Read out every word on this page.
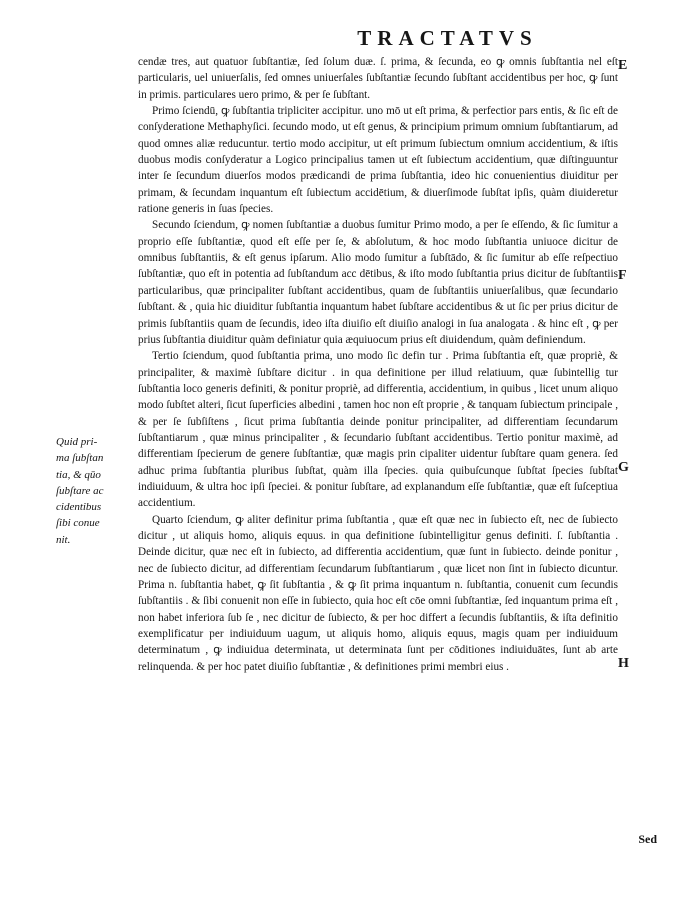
TRACTATVS
E
F
G
H
Quid pri-
ma ſubſtan
tia, & qūo
ſubſtare ac
cidentibus
ſibi conue
nit.

cendæ tres, aut quatuor ſubſtantiæ, ſed ſolum duæ. ſ. prima, & ſecunda, eo ꝙ omnis ſubſtantia nel eſt particularis, uel uniuerſalis, ſed omnes uniuerſales ſubſtantiæ ſecundo ſubſtant accidentibus per hoc, ꝙ ſunt in primis. particulares uero primo, & per ſe ſubſtant.

Primo ſciendū, ꝙ ſubſtantia tripliciter accipitur. uno mō ut eſt prima, & perfectior pars entis, & ſic eſt de conſyderatione Methaphyſici. ſecundo modo, ut eſt genus, & principium primum omnium ſubſtantiarum, ad quod omnes aliæ reducuntur. tertio modo accipitur, ut eſt primum ſubiectum omnium accidentium, & iſtis duobus modis conſyderatur a Logico principalius tamen ut eſt ſubiectum accidentium, quæ diſtinguuntur inter ſe ſecundum diuerſos modos prædicandi de prima ſubſtantia, ideo hic conuenientius diuiditur per primam, & ſecundam inquantum eſt ſubiectum accidētium, & diuerſimode ſubſtat ipſis, quàm diuideretur ratione generis in ſuas ſpecies.

Secundo ſciendum, ꝙ nomen ſubſtantiæ a duobus ſumitur Primo modo, a per ſe eſſendo, & ſic ſumitur a proprio eſſe ſubſtantiæ, quod eſt eſſe per ſe, & abſolutum, & hoc modo ſubſtantia uniuoce dicitur de omnibus ſubſtantiis, & eſt genus ipſarum. Alio modo ſumitur a ſubſtādo, & ſic ſumitur ab eſſe reſpectiuo ſubſtantiæ, quo eſt in potentia ad ſubſtandum acc dētibus, & iſto modo ſubſtantia prius dicitur de ſubſtantiis particularibus, quæ principaliter ſubſtant accidentibus, quam de ſubſtantiis uniuerſalibus, quæ ſecundario ſubſtant. & , quia hic diuiditur ſubſtantia inquantum habet ſubſtare accidentibus & ut ſic per prius dicitur de primis ſubſtantiis quam de ſecundis, ideo iſta diuiſio eſt diuiſio analogi in ſua analogata . & hinc eſt , ꝙ per prius ſubſtantia diuiditur quàm definiatur quia æquiuocum prius eſt diuidendum, quàm definiendum.

Tertio ſciendum, quod ſubſtantia prima, uno modo ſic defin tur . Prima ſubſtantia eſt, quæ propriè, & principaliter, & maximè ſubſtare dicitur . in qua definitione per illud relatiuum, quæ ſubintellig tur ſubſtantia loco generis definiti, & ponitur propriè, ad differentia, accidentium, in quibus , licet unum aliquo modo ſubſtet alteri, ſicut ſuperficies albedini , tamen hoc non eſt proprie , & tanquam ſubiectum principale , & per ſe ſubſiſtens , ſicut prima ſubſtantia deinde ponitur principaliter, ad differentiam ſecundarum ſubſtantiarum , quæ minus principaliter , & ſecundario ſubſtant accidentibus. Tertio ponitur maximè, ad differentiam ſpecierum de genere ſubſtantiæ, quæ magis prin cipaliter uidentur ſubſtare quam genera. ſed adhuc prima ſubſtantia pluribus ſubſtat, quàm illa ſpecies. quia quibuſcunque ſubſtat ſpecies ſubſtat indiuiduum, & ultra hoc ipſi ſpeciei. & ponitur ſubſtare, ad explanandum eſſe ſubſtantiæ, quæ eſt ſuſceptiua accidentium.

Quarto ſciendum, ꝙ aliter definitur prima ſubſtantia , quæ eſt quæ nec in ſubiecto eſt, nec de ſubiecto dicitur , ut aliquis homo, aliquis equus. in qua definitione ſubintelligitur genus definiti. ſ. ſubſtantia . Deinde dicitur, quæ nec eſt in ſubiecto, ad differentia accidentium, quæ ſunt in ſubiecto. deinde ponitur , nec de ſubiecto dicitur, ad differentiam ſecundarum ſubſtantiarum , quæ licet non ſint in ſubiecto dicuntur. Prima n. ſubſtantia habet, ꝙ ſit ſubſtantia , & ꝙ ſit prima inquantum n. ſubſtantia, conuenit cum ſecundis ſubſtantiis . & ſibi conuenit non eſſe in ſubiecto, quia hoc eſt cōe omni ſubſtantiæ, ſed inquantum prima eſt , non habet inferiora ſub ſe , nec dicitur de ſubiecto, & per hoc differt a ſecundis ſubſtantiis, & iſta definitio exemplificatur per indiuiduum uagum, ut aliquis homo, aliquis equus, magis quam per indiuiduum determinatum , ꝙ indiuidua determinata, ut determinata ſunt per cōditiones indiuiduātes, ſunt ab arte relinquenda. & per hoc patet diuiſio ſubſtantiæ , & definitiones primi membri eius .

Sed
